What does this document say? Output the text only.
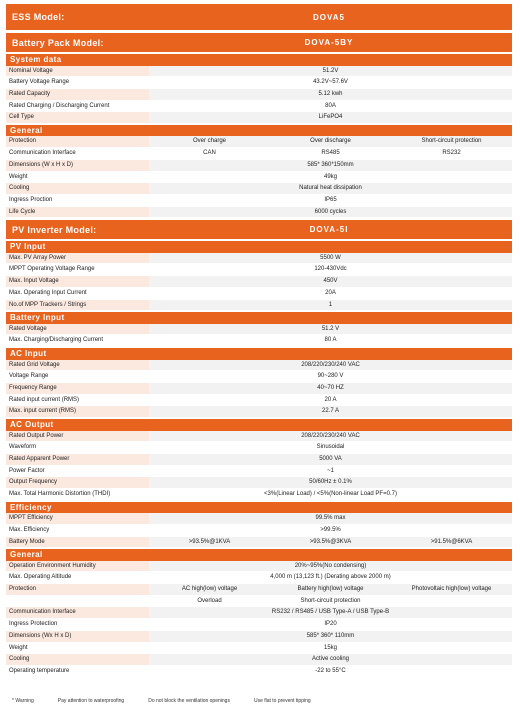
ESS Model:	DOVA5
Battery Pack Model:	DOVA-5BY
System data
Nominal Voltage	51.2V
Battery Voltage Range	43.2V~57.6V
Rated Capacity	5.12 kwh
Rated Charging / Discharging Current	80A
Cell Type	LiFePO4
General
Protection	Over charge	Over discharge	Short-circuit protection
Communication Interface	CAN	RS485	RS232
Dimensions (W x H x D)	585* 360*150mm
Weight	49kg
Cooling	Natural heat dissipation
Ingress Proction	IP65
Life Cycle	6000 cycles
PV Inverter Model:	DOVA-5I
PV Input
Max. PV Array Power	5500 W
MPPT Operating Voltage Range	120-430Vdc
Max. Input Voltage	450V
Max. Operating Input Current	20A
No.of MPP Trackers / Strings	1
Battery Input
Rated Voltage	51.2 V
Max. Charging/Discharging Current	80 A
AC Input
Rated Grid Voltage	208/220/230/240 VAC
Voltage Range	90~280 V
Frequency Range	40~70 HZ
Rated input current (RMS)	20 A
Max. input current (RMS)	22.7 A
AC Output
Rated Output Power	208/220/230/240 VAC
Waveform	Sinusoidal
Rated Apparent Power	5000 VA
Power Factor	~1
Output Frequency	50/60Hz ± 0.1%
Max. Total Harmonic Distortion (THDI)	<3%(Linear Load) / <5%(Non-linear Load PF=0.7)
Efficiency
MPPT Efficiency	99.5% max
Max. Efficiency	>99.5%
Battery Mode	>93.5%@1KVA	>93.5%@3KVA	>91.5%@6KVA
General
Operation Environment Humidity	20%~95%(No condensing)
Max. Operating Altitude	4,000 m (13,123 ft.) (Derating above 2000 m)
Protection	AC high(low) voltage	Battery high(low) voltage	Photovoltaic high(low) voltage
Overload	Short-circuit protection
Communication Interface	RS232 / RS485 / USB Type-A / USB Type-B
Ingress Protection	IP20
Dimensions (Wx H x D)	585* 360* 110mm
Weight	15kg
Cooling	Active cooling
Operating temperature	-22 to 55°C
* Warning	Pay attention to waterproofing	Do not block the ventilation openings	Use flat to prevent tipping
